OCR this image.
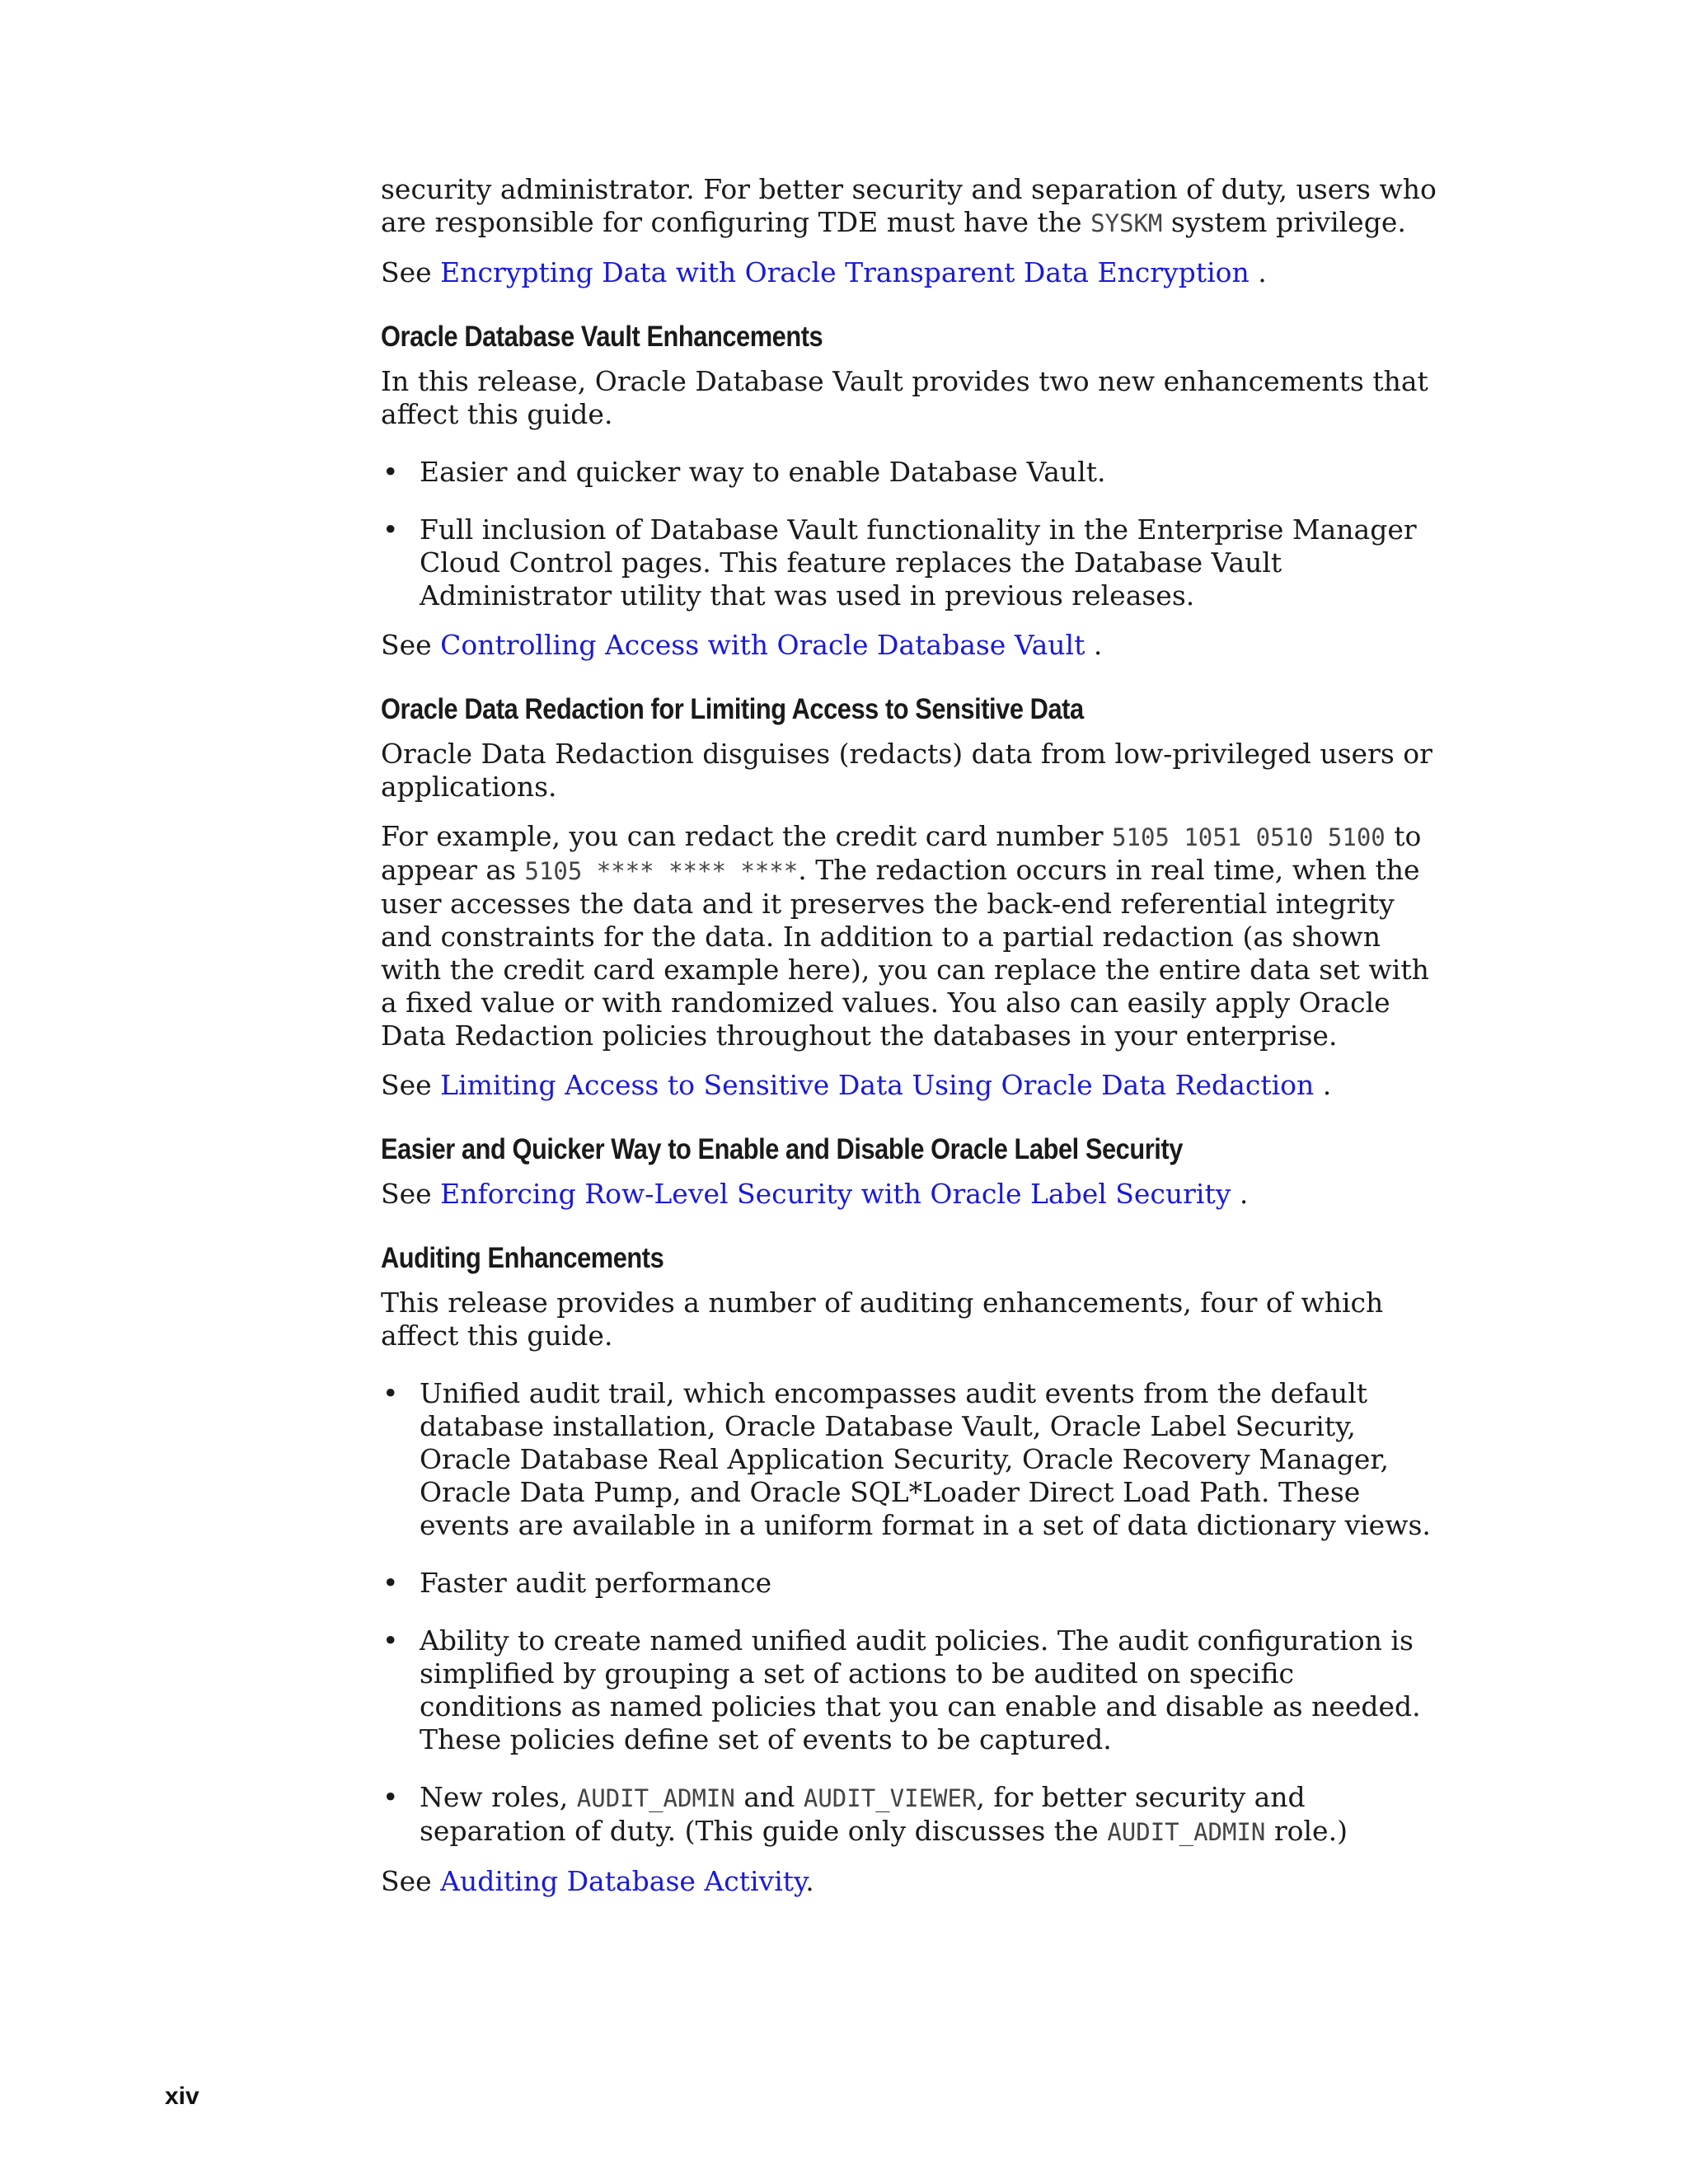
security administrator. For better security and separation of duty, users who are responsible for configuring TDE must have the SYSKM system privilege.

See Encrypting Data with Oracle Transparent Data Encryption .

Oracle Database Vault Enhancements

In this release, Oracle Database Vault provides two new enhancements that affect this guide.

• Easier and quicker way to enable Database Vault.
• Full inclusion of Database Vault functionality in the Enterprise Manager Cloud Control pages. This feature replaces the Database Vault Administrator utility that was used in previous releases.

See Controlling Access with Oracle Database Vault .

Oracle Data Redaction for Limiting Access to Sensitive Data

Oracle Data Redaction disguises (redacts) data from low-privileged users or applications.

For example, you can redact the credit card number 5105 1051 0510 5100 to appear as 5105 **** **** ****. The redaction occurs in real time, when the user accesses the data and it preserves the back-end referential integrity and constraints for the data. In addition to a partial redaction (as shown with the credit card example here), you can replace the entire data set with a fixed value or with randomized values. You also can easily apply Oracle Data Redaction policies throughout the databases in your enterprise.

See Limiting Access to Sensitive Data Using Oracle Data Redaction .

Easier and Quicker Way to Enable and Disable Oracle Label Security

See Enforcing Row-Level Security with Oracle Label Security .

Auditing Enhancements

This release provides a number of auditing enhancements, four of which affect this guide.

• Unified audit trail, which encompasses audit events from the default database installation, Oracle Database Vault, Oracle Label Security, Oracle Database Real Application Security, Oracle Recovery Manager, Oracle Data Pump, and Oracle SQL*Loader Direct Load Path. These events are available in a uniform format in a set of data dictionary views.
• Faster audit performance
• Ability to create named unified audit policies. The audit configuration is simplified by grouping a set of actions to be audited on specific conditions as named policies that you can enable and disable as needed. These policies define set of events to be captured.
• New roles, AUDIT_ADMIN and AUDIT_VIEWER, for better security and separation of duty. (This guide only discusses the AUDIT_ADMIN role.)

See Auditing Database Activity.

xiv
